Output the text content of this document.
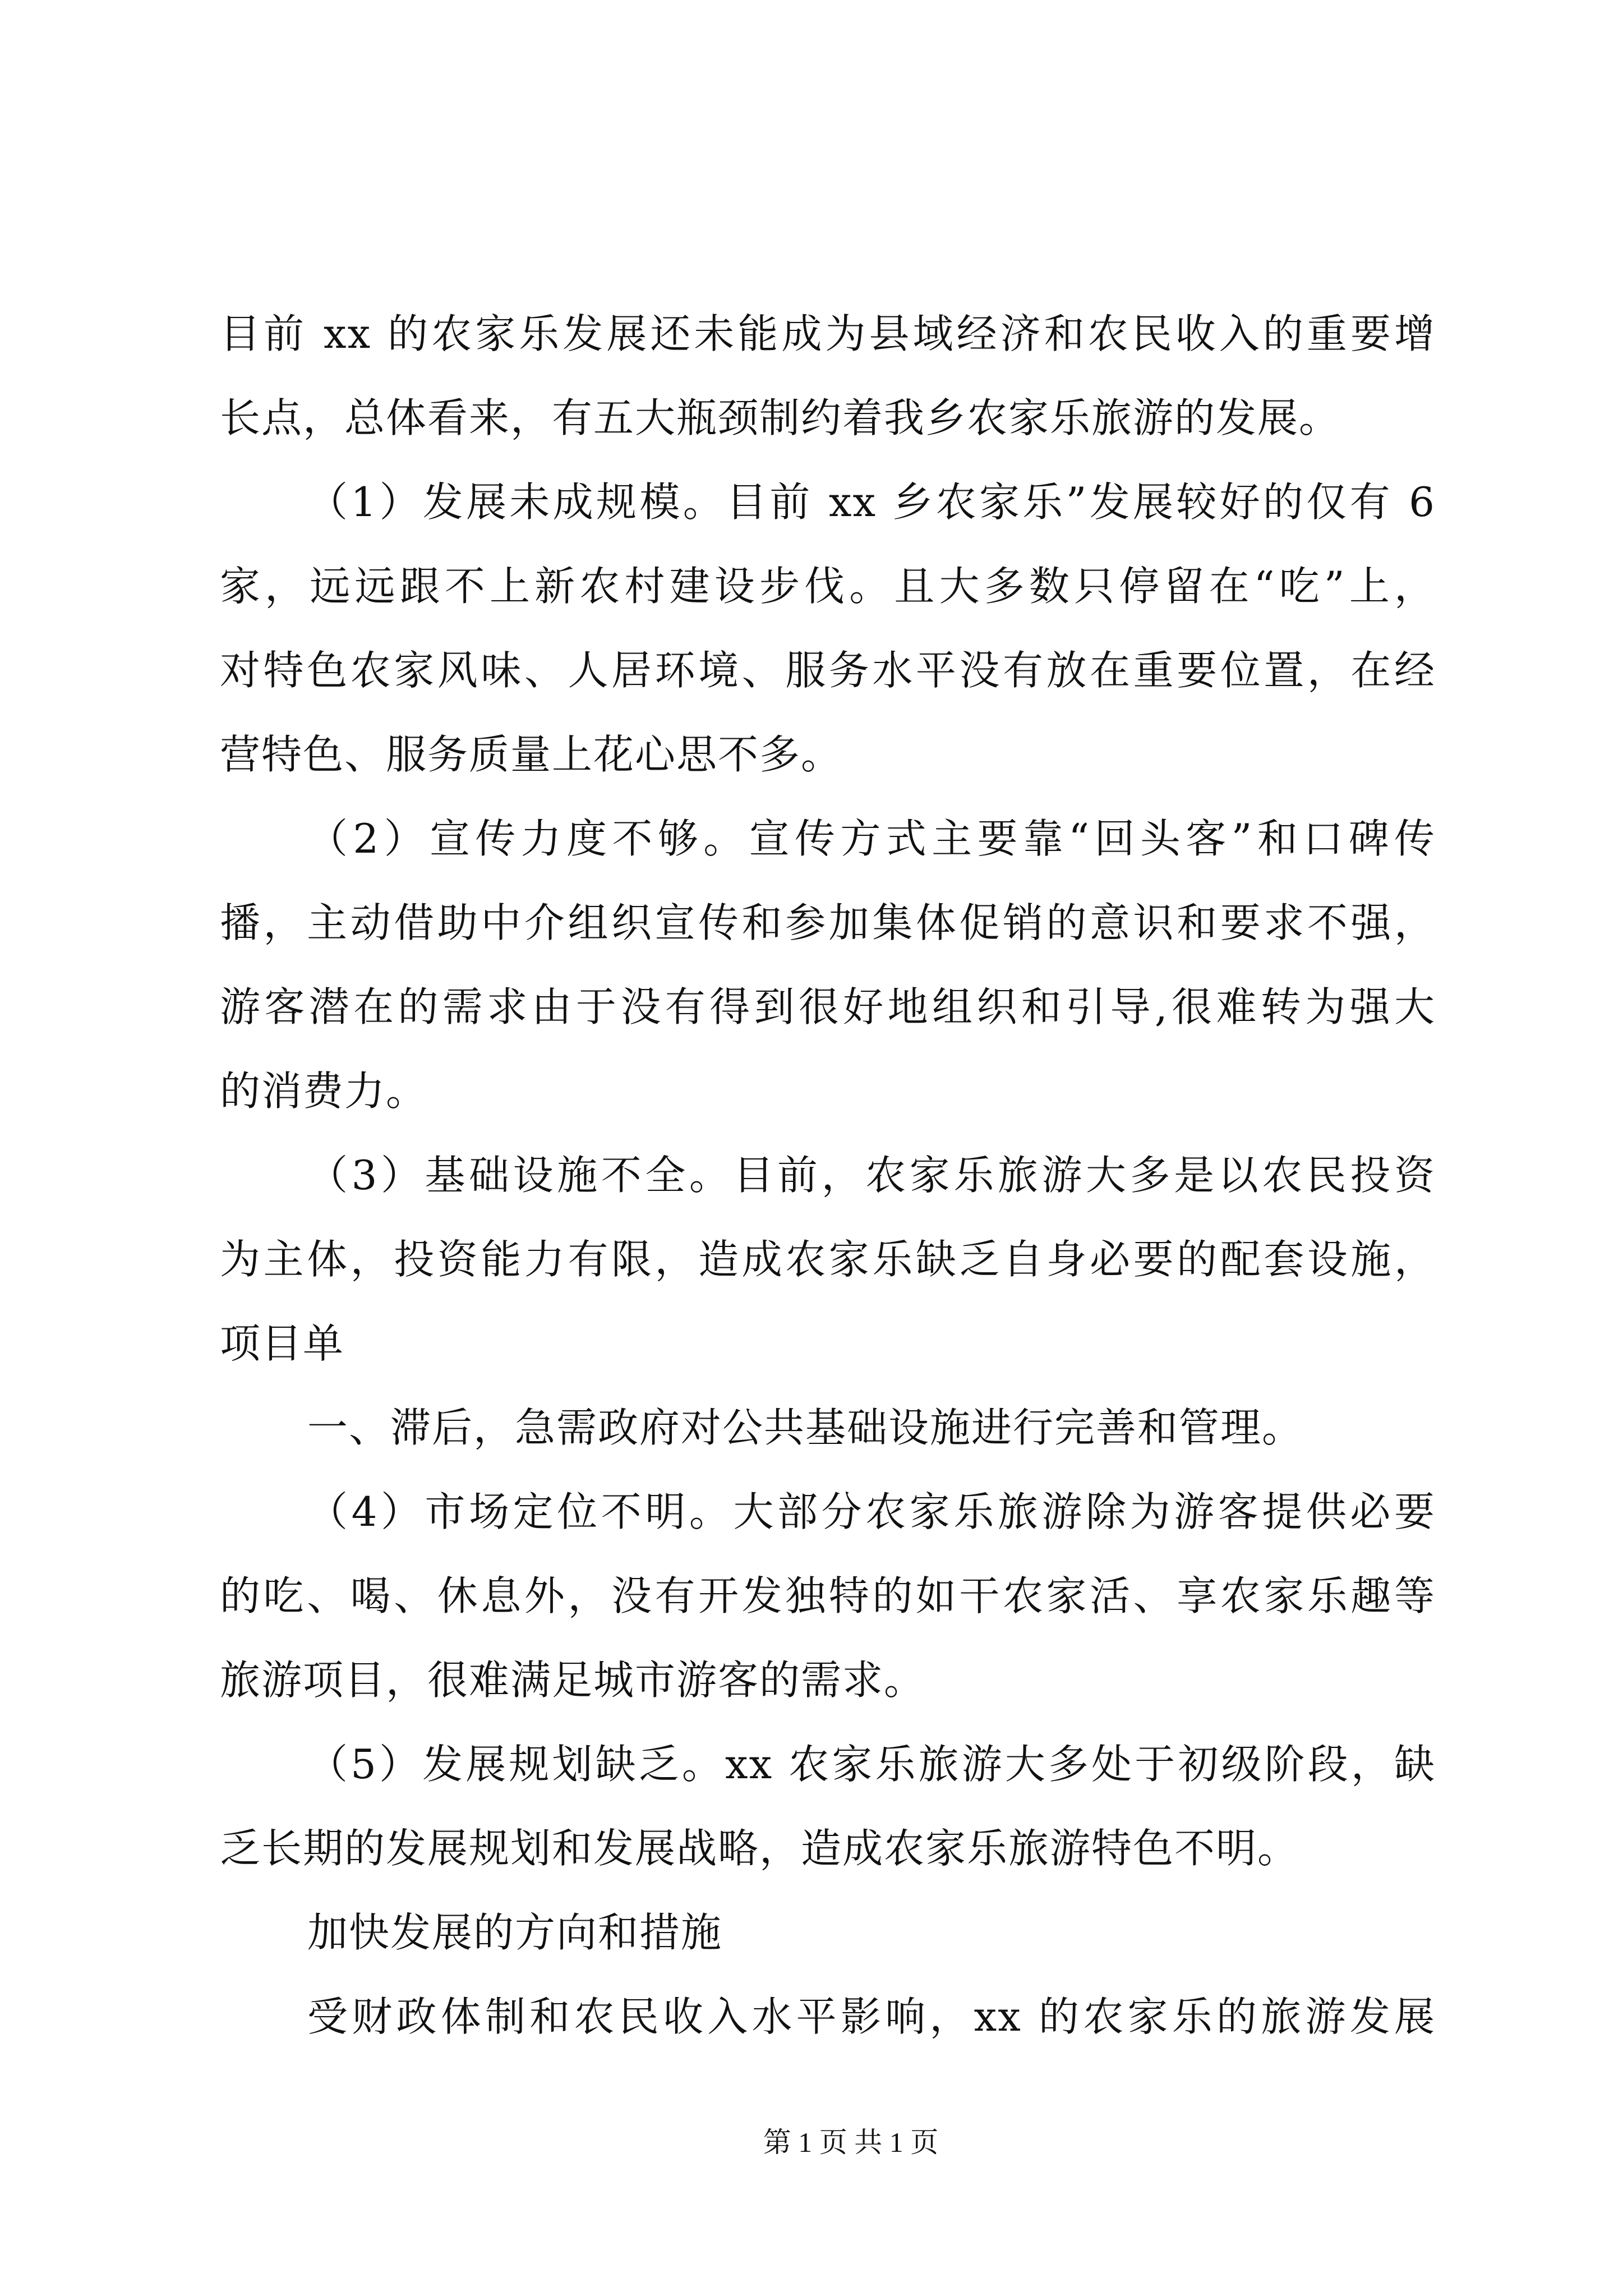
目前 xx 的农家乐发展还未能成为县域经济和农民收入的重要增
长点，总体看来，有五大瓶颈制约着我乡农家乐旅游的发展。
（1）发展未成规模。目前 xx 乡农家乐”发展较好的仅有 6
家，远远跟不上新农村建设步伐。且大多数只停留在“吃”上，
对特色农家风味、人居环境、服务水平没有放在重要位置，在经
营特色、服务质量上花心思不多。
（2）宣传力度不够。宣传方式主要靠“回头客”和口碑传
播，主动借助中介组织宣传和参加集体促销的意识和要求不强，
游客潜在的需求由于没有得到很好地组织和引导,很难转为强大
的消费力。
（3）基础设施不全。目前，农家乐旅游大多是以农民投资
为主体，投资能力有限，造成农家乐缺乏自身必要的配套设施，
项目单
一、滞后，急需政府对公共基础设施进行完善和管理。
（4）市场定位不明。大部分农家乐旅游除为游客提供必要
的吃、喝、休息外，没有开发独特的如干农家活、享农家乐趣等
旅游项目，很难满足城市游客的需求。
（5）发展规划缺乏。xx 农家乐旅游大多处于初级阶段，缺
乏长期的发展规划和发展战略，造成农家乐旅游特色不明。
加快发展的方向和措施
受财政体制和农民收入水平影响，xx 的农家乐的旅游发展
第 1 页 共 1 页
